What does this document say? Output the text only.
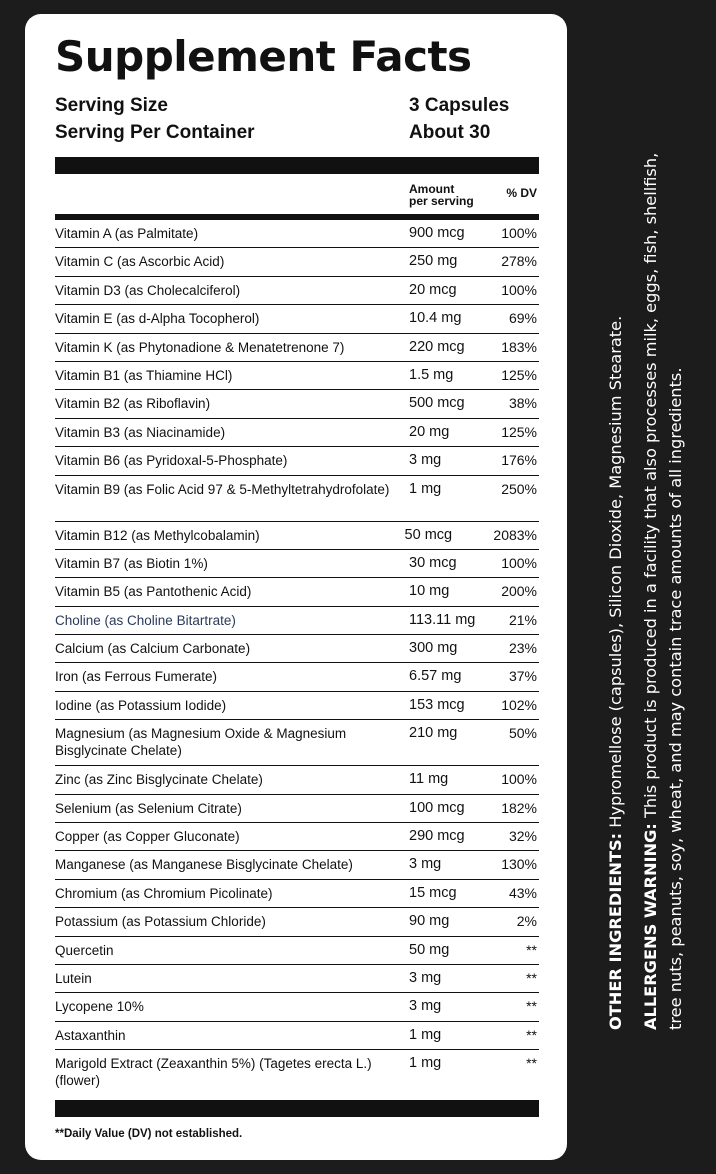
Supplement Facts
Serving Size	3 Capsules
Serving Per Container	About 30
Amount
per serving
% DV
Vitamin A (as Palmitate)	900 mcg	100%
Vitamin C (as Ascorbic Acid)	250 mg	278%
Vitamin D3 (as Cholecalciferol)	20 mcg	100%
Vitamin E (as d-Alpha Tocopherol)	10.4 mg	69%
Vitamin K (as Phytonadione & Menatetrenone 7)	220 mcg	183%
Vitamin B1 (as Thiamine HCl)	1.5 mg	125%
Vitamin B2 (as Riboflavin)	500 mcg	38%
Vitamin B3 (as Niacinamide)	20 mg	125%
Vitamin B6 (as Pyridoxal-5-Phosphate)	3 mg	176%
Vitamin B9 (as Folic Acid 97 & 5-Methyltetrahydrofolate)	1 mg	250%
Vitamin B12 (as Methylcobalamin)	50 mcg	2083%
Vitamin B7 (as Biotin 1%)	30 mcg	100%
Vitamin B5 (as Pantothenic Acid)	10 mg	200%
Choline (as Choline Bitartrate)	113.11 mg	21%
Calcium (as Calcium Carbonate)	300 mg	23%
Iron (as Ferrous Fumerate)	6.57 mg	37%
Iodine (as Potassium Iodide)	153 mcg	102%
Magnesium (as Magnesium Oxide & Magnesium Bisglycinate Chelate)
210 mg	50%
Zinc (as Zinc Bisglycinate Chelate)	11 mg	100%
Selenium (as Selenium Citrate)	100 mcg	182%
Copper (as Copper Gluconate)	290 mcg	32%
Manganese (as Manganese Bisglycinate Chelate)	3 mg	130%
Chromium (as Chromium Picolinate)	15 mcg	43%
Potassium (as Potassium Chloride)	90 mg	2%
Quercetin	50 mg	**
Lutein	3 mg	**
Lycopene 10%	3 mg	**
Astaxanthin	1 mg	**
Marigold Extract (Zeaxanthin 5%) (Tagetes erecta L.) (flower)
1 mg	**
**Daily Value (DV) not established.

OTHER INGREDIENTS: Hypromellose (capsules), Silicon Dioxide, Magnesium Stearate.

ALLERGENS WARNING: This product is produced in a facility that also processes milk, eggs, fish, shellfish, tree nuts, peanuts, soy, wheat, and may contain trace amounts of all ingredients.
